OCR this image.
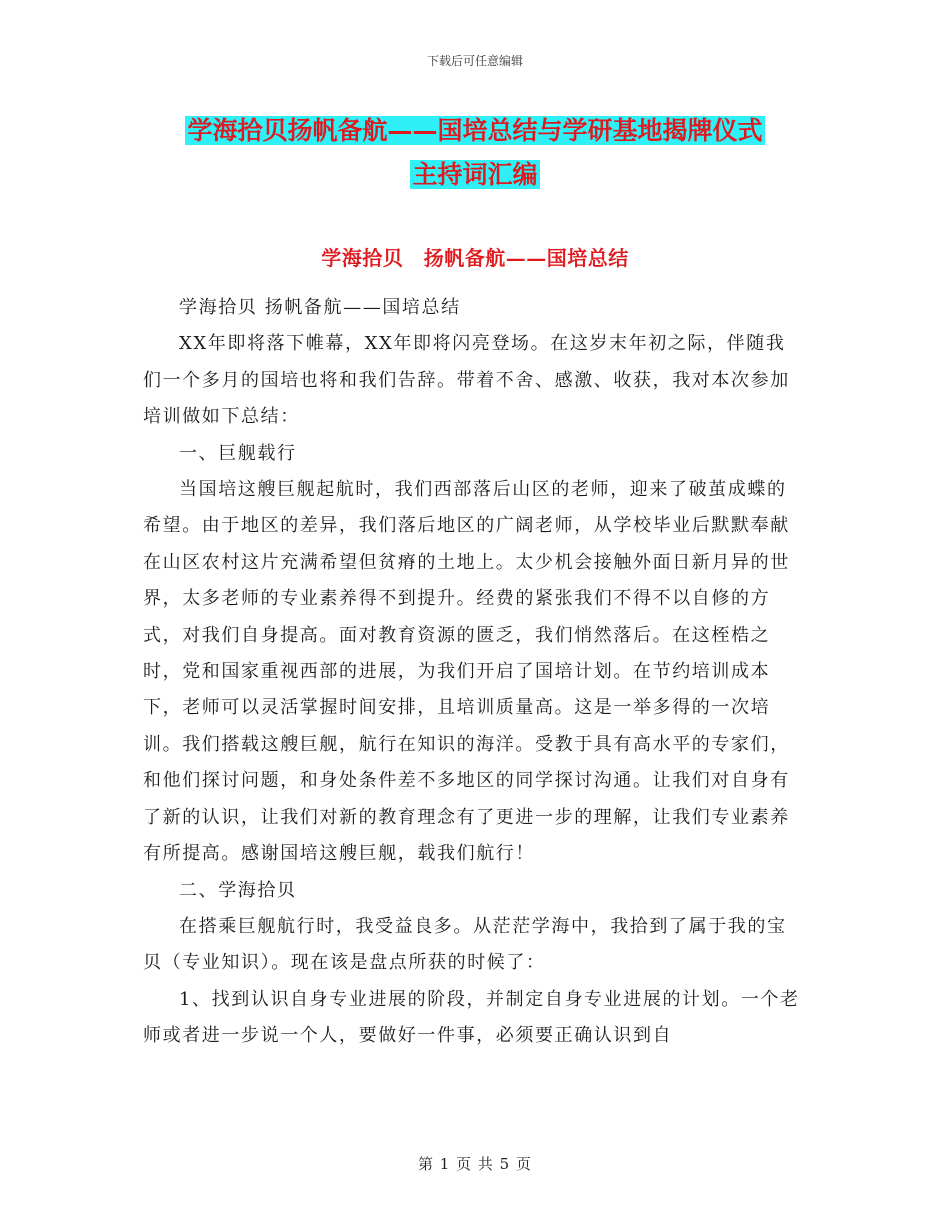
下载后可任意编辑
学海拾贝扬帆备航——国培总结与学研基地揭牌仪式
主持词汇编
学海拾贝　扬帆备航——国培总结

学海拾贝 扬帆备航——国培总结

XX年即将落下帷幕，XX年即将闪亮登场。在这岁末年初之际，伴随我们一个多月的国培也将和我们告辞。带着不舍、感激、收获，我对本次参加培训做如下总结：

一、巨舰载行

当国培这艘巨舰起航时，我们西部落后山区的老师，迎来了破茧成蝶的希望。由于地区的差异，我们落后地区的广阔老师，从学校毕业后默默奉献在山区农村这片充满希望但贫瘠的土地上。太少机会接触外面日新月异的世界，太多老师的专业素养得不到提升。经费的紧张我们不得不以自修的方式，对我们自身提高。面对教育资源的匮乏，我们悄然落后。在这桎梏之时，党和国家重视西部的进展，为我们开启了国培计划。在节约培训成本下，老师可以灵活掌握时间安排，且培训质量高。这是一举多得的一次培训。我们搭载这艘巨舰，航行在知识的海洋。受教于具有高水平的专家们，和他们探讨问题，和身处条件差不多地区的同学探讨沟通。让我们对自身有了新的认识，让我们对新的教育理念有了更进一步的理解，让我们专业素养有所提高。感谢国培这艘巨舰，载我们航行！

二、学海拾贝

在搭乘巨舰航行时，我受益良多。从茫茫学海中，我拾到了属于我的宝贝（专业知识）。现在该是盘点所获的时候了：

1、找到认识自身专业进展的阶段，并制定自身专业进展的计划。一个老师或者进一步说一个人，要做好一件事，必须要正确认识到自

第 1 页 共 5 页
